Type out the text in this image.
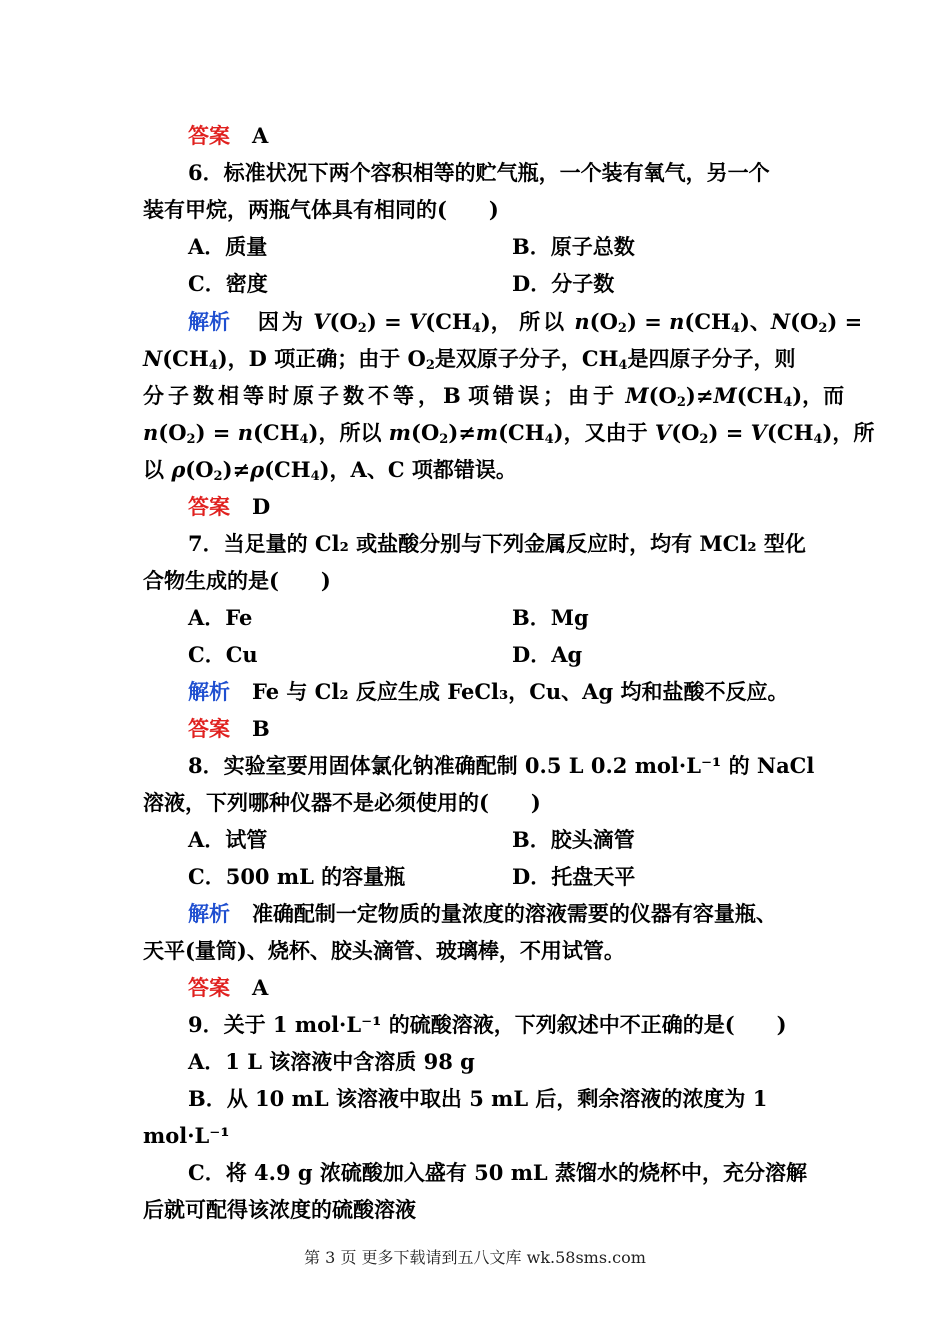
答案 A
6．标准状况下两个容积相等的贮气瓶，一个装有氧气，另一个
装有甲烷，两瓶气体具有相同的(　　)
A．质量	B．原子总数
C．密度	D．分子数
解析   因为 $V(O_2) = V(CH_4)$， 所以 $n(O_2) = n(CH_4)$、$N(O_2)$ =
$N(CH_4)$，D 项正确；由于 $O_2$是双原子分子，$CH_4$是四原子分子，则
分子数相等时原子数不等，B 项错误；由于 $M(O_2)\ne M(CH_4)$，而
$n(O_2) = n(CH_4)$，所以 $m(O_2)\ne m(CH_4)$，又由于 $V(O_2) = V(CH_4)$，所
以 $\rho(O_2)\ne\rho(CH_4)$，A、C 项都错误。
答案 D
7．当足量的 Cl₂ 或盐酸分别与下列金属反应时，均有 MCl₂ 型化
合物生成的是(　　)
A．Fe	B．Mg
C．Cu	D．Ag
解析 Fe 与 Cl₂ 反应生成 FeCl₃，Cu、Ag 均和盐酸不反应。
答案 B
8．实验室要用固体氯化钠准确配制 0.5 L 0.2 mol·L⁻¹ 的 NaCl
溶液，下列哪种仪器不是必须使用的(　　)
A．试管	B．胶头滴管
C．500 mL 的容量瓶	D．托盘天平
解析 准确配制一定物质的量浓度的溶液需要的仪器有容量瓶、
天平(量筒)、烧杯、胶头滴管、玻璃棒，不用试管。
答案 A
9．关于 1 mol·L⁻¹ 的硫酸溶液，下列叙述中不正确的是(　　)
A．1 L 该溶液中含溶质 98 g
B．从 10 mL 该溶液中取出 5 mL 后，剩余溶液的浓度为 1
mol·L⁻¹
C．将 4.9 g 浓硫酸加入盛有 50 mL 蒸馏水的烧杯中，充分溶解
后就可配得该浓度的硫酸溶液
第 3 页 更多下载请到五八文库 wk.58sms.com
